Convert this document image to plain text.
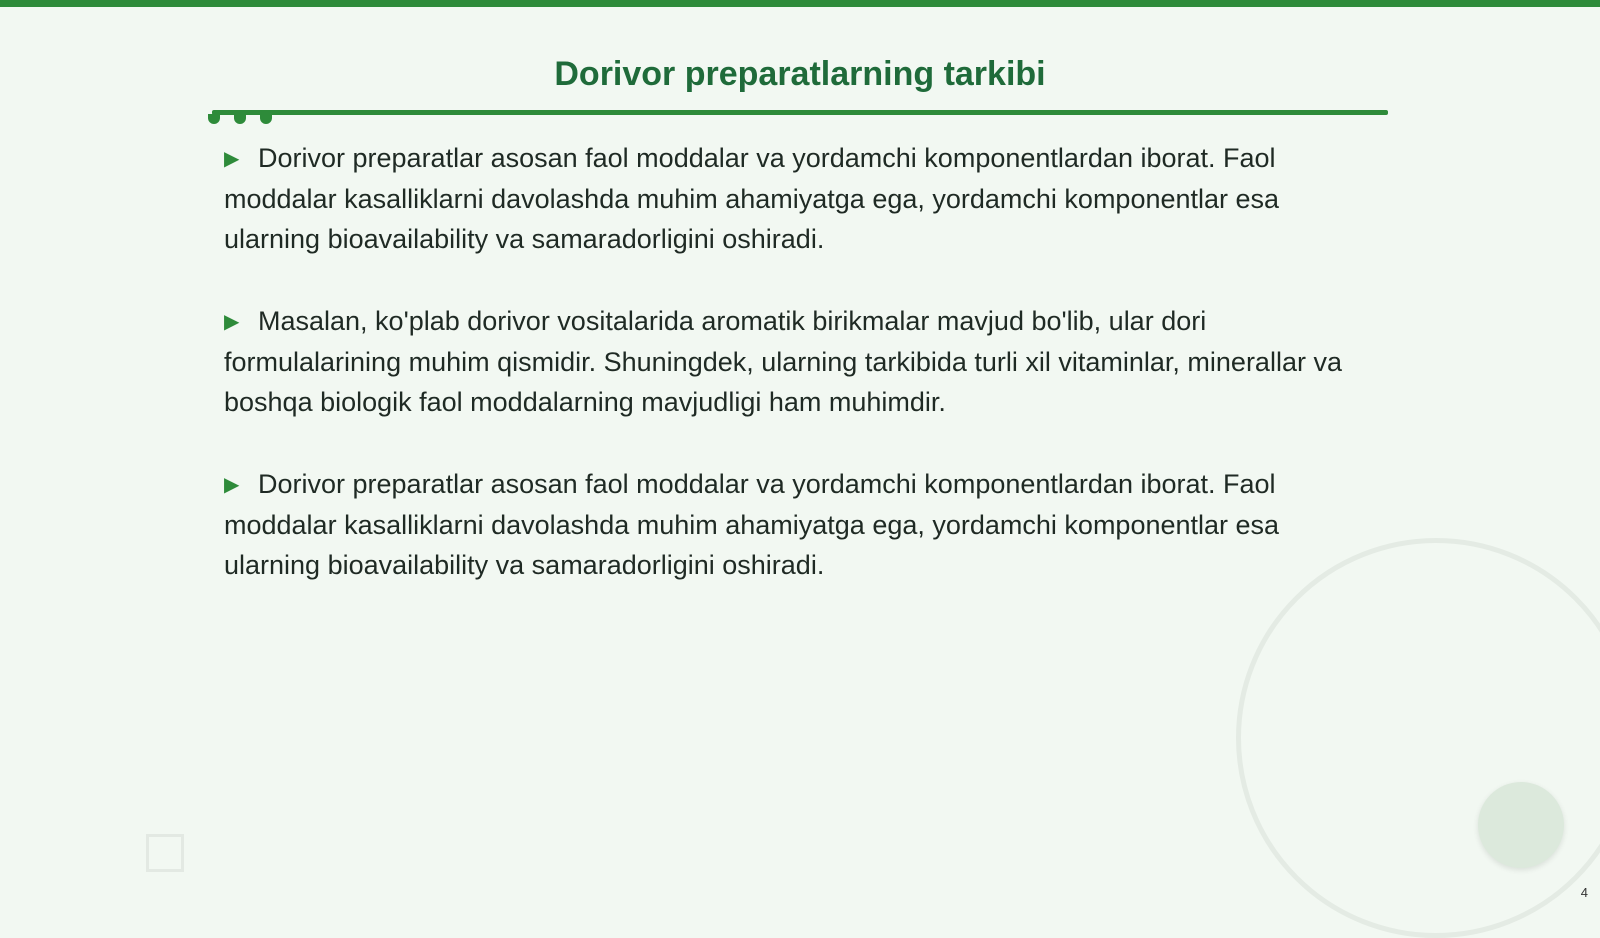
Dorivor preparatlarning tarkibi

▶ Dorivor preparatlar asosan faol moddalar va yordamchi komponentlardan iborat. Faol moddalar kasalliklarni davolashda muhim ahamiyatga ega, yordamchi komponentlar esa ularning bioavailability va samaradorligini oshiradi.

▶ Masalan, ko'plab dorivor vositalarida aromatik birikmalar mavjud bo'lib, ular dori formulalarining muhim qismidir. Shuningdek, ularning tarkibida turli xil vitaminlar, minerallar va boshqa biologik faol moddalarning mavjudligi ham muhimdir.

▶ Dorivor preparatlar asosan faol moddalar va yordamchi komponentlardan iborat. Faol moddalar kasalliklarni davolashda muhim ahamiyatga ega, yordamchi komponentlar esa ularning bioavailability va samaradorligini oshiradi.

4
